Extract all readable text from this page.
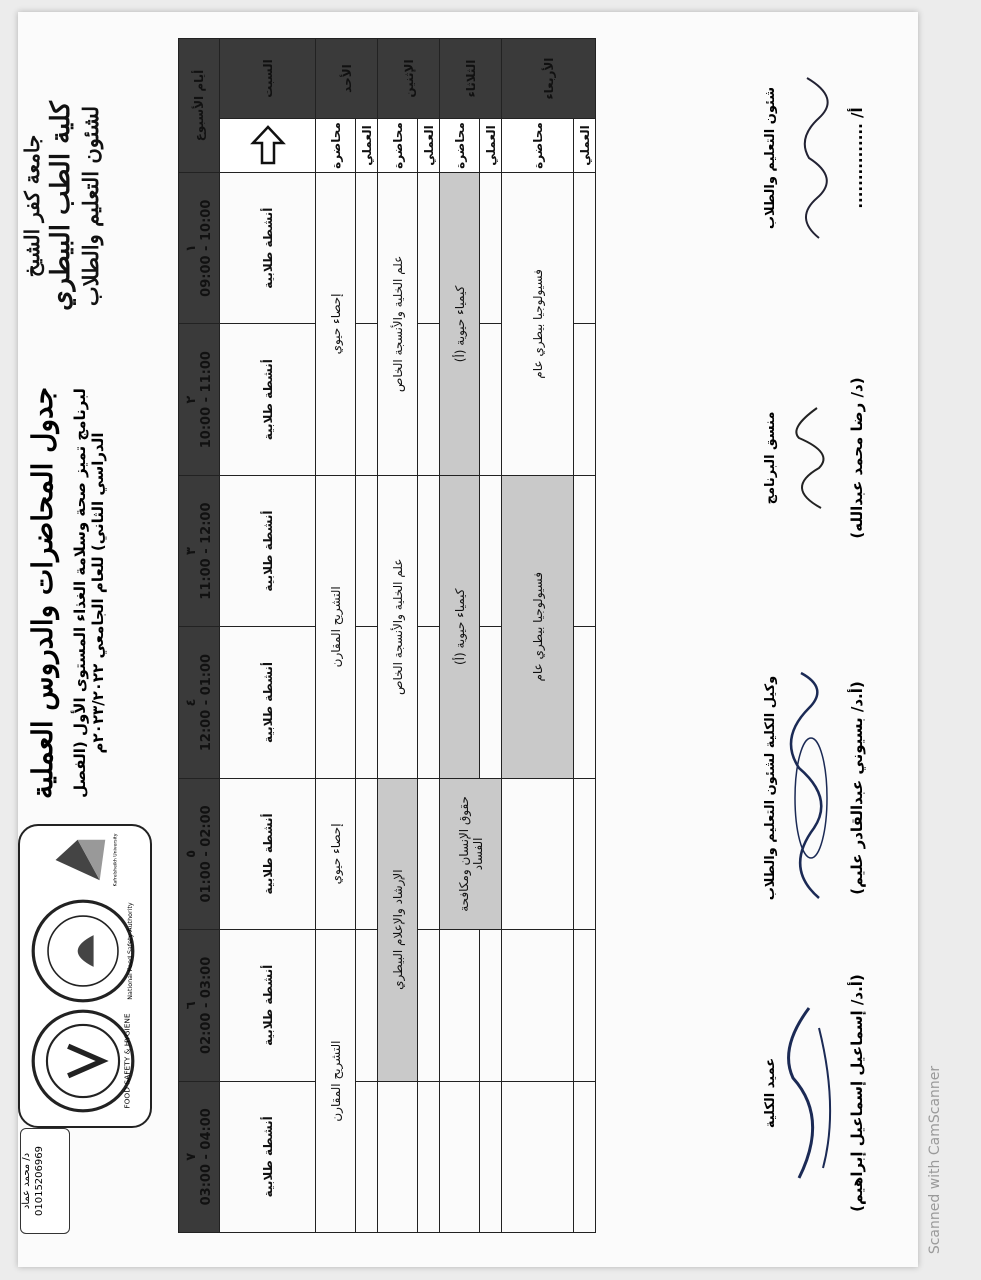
جامعة كفر الشيخ كلية الطب البيطري لشئون التعليم والطلاب
جدول المحاضرات والدروس العملية لبرنامج تميز صحة وسلامة الغذاء المستوى الأول (الفصل الدراسي الثاني) للعام الجامعي ٢٠٢٣/٢٠٢٢م
FOOD SAFETY & HYGIENE
National Food Safety Authority
Kafrelsheikh University
أيام الأسبوع		١ 09:00 - 10:00	٢ 10:00 - 11:00	٣ 11:00 - 12:00	٤ 12:00 - 01:00	٥ 01:00 - 02:00	٦ 02:00 - 03:00	٧ 03:00 - 04:00

السبت		أنشطة طلابية	أنشطة طلابية	أنشطة طلابية	أنشطة طلابية	أنشطة طلابية	أنشطة طلابية	أنشطة طلابية
الأحد	محاضرة	إحصاء حيوي		التشريح المقارن		إحصاء حيوي	التشريح المقارن	
	العملي							
الإثنين	محاضرة	علم الخلية والأنسجة الخاص		علم الخلية والأنسجة الخاص		الإرشاد والإعلام البيطري		
	العملي							
الثلاثاء	محاضرة	كيمياء حيوية (أ)		كيمياء حيوية (أ)		حقوق الإنسان ومكافحة الفساد		
	العملي							
الأربعاء	محاضرة	فسيولوجيا بيطري عام		فسيولوجيا بيطري عام				
	العملي								شئون التعليم والطلاب	أ/ ...............
منسق البرنامج	(د/ رضا محمد عبدالله)
وكيل الكلية لشئون التعليم والطلاب	(أ.د/ بسيوني عبدالقادر عليم)
عميد الكلية	(أ.د/ إسماعيل إسماعيل إبراهيم)
د/ محمد عماد 01015206969	Scanned with CamScanner
